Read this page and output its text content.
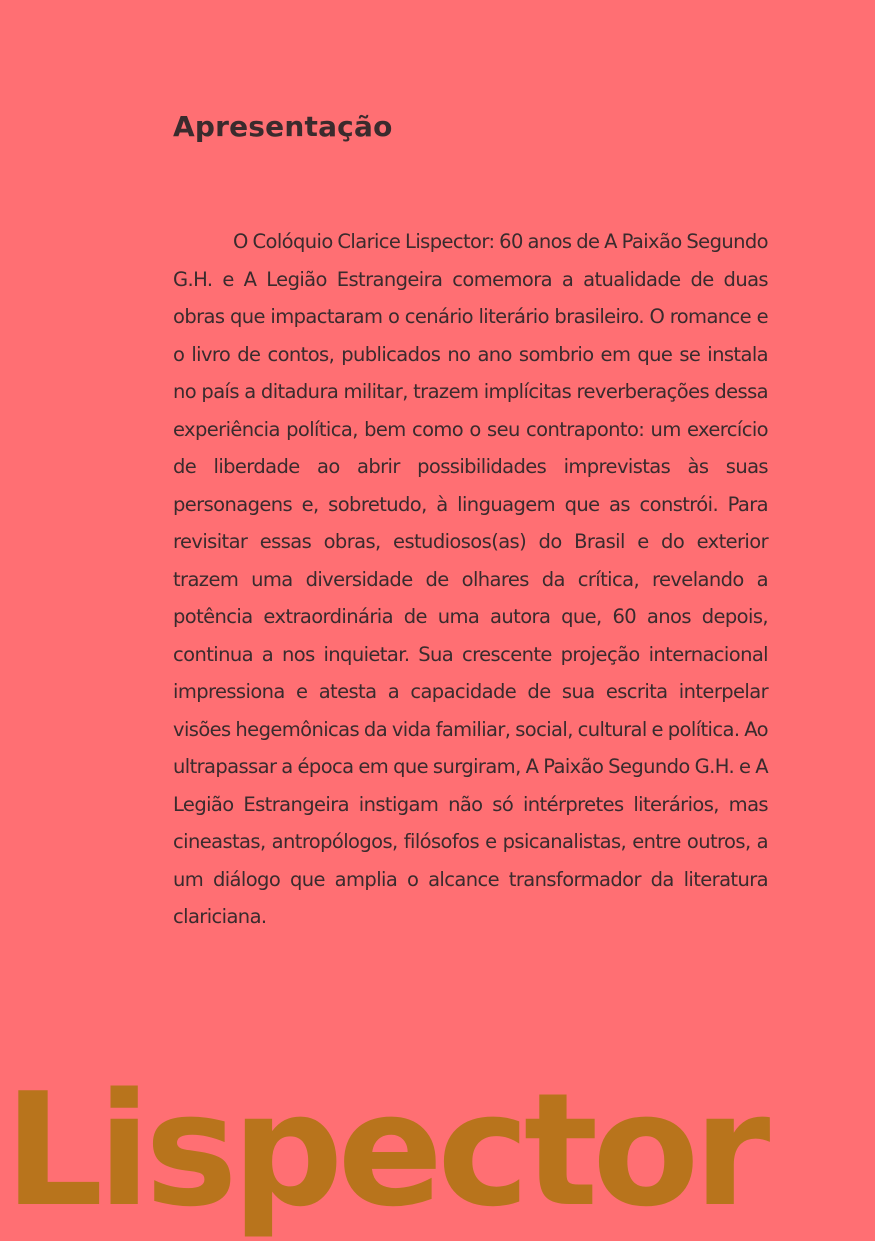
Apresentação

O Colóquio Clarice Lispector: 60 anos de A Paixão Segundo G.H. e A Legião Estrangeira comemora a atualidade de duas obras que impactaram o cenário literário brasileiro. O romance e o livro de contos, publicados no ano sombrio em que se instala no país a ditadura militar, trazem implícitas reverberações dessa experiência política, bem como o seu contraponto: um exercício de liberdade ao abrir possibilidades imprevistas às suas personagens e, sobretudo, à linguagem que as constrói. Para revisitar essas obras, estudiosos(as) do Brasil e do exterior trazem uma diversidade de olhares da crítica, revelando a potência extraordinária de uma autora que, 60 anos depois, continua a nos inquietar. Sua crescente projeção internacional impressiona e atesta a capacidade de sua escrita interpelar visões hegemônicas da vida familiar, social, cultural e política. Ao ultrapassar a época em que surgiram, A Paixão Segundo G.H. e A Legião Estrangeira instigam não só intérpretes literários, mas cineastas, antropólogos, filósofos e psicanalistas, entre outros, a um diálogo que amplia o alcance transformador da literatura clariciana.

Lispector
